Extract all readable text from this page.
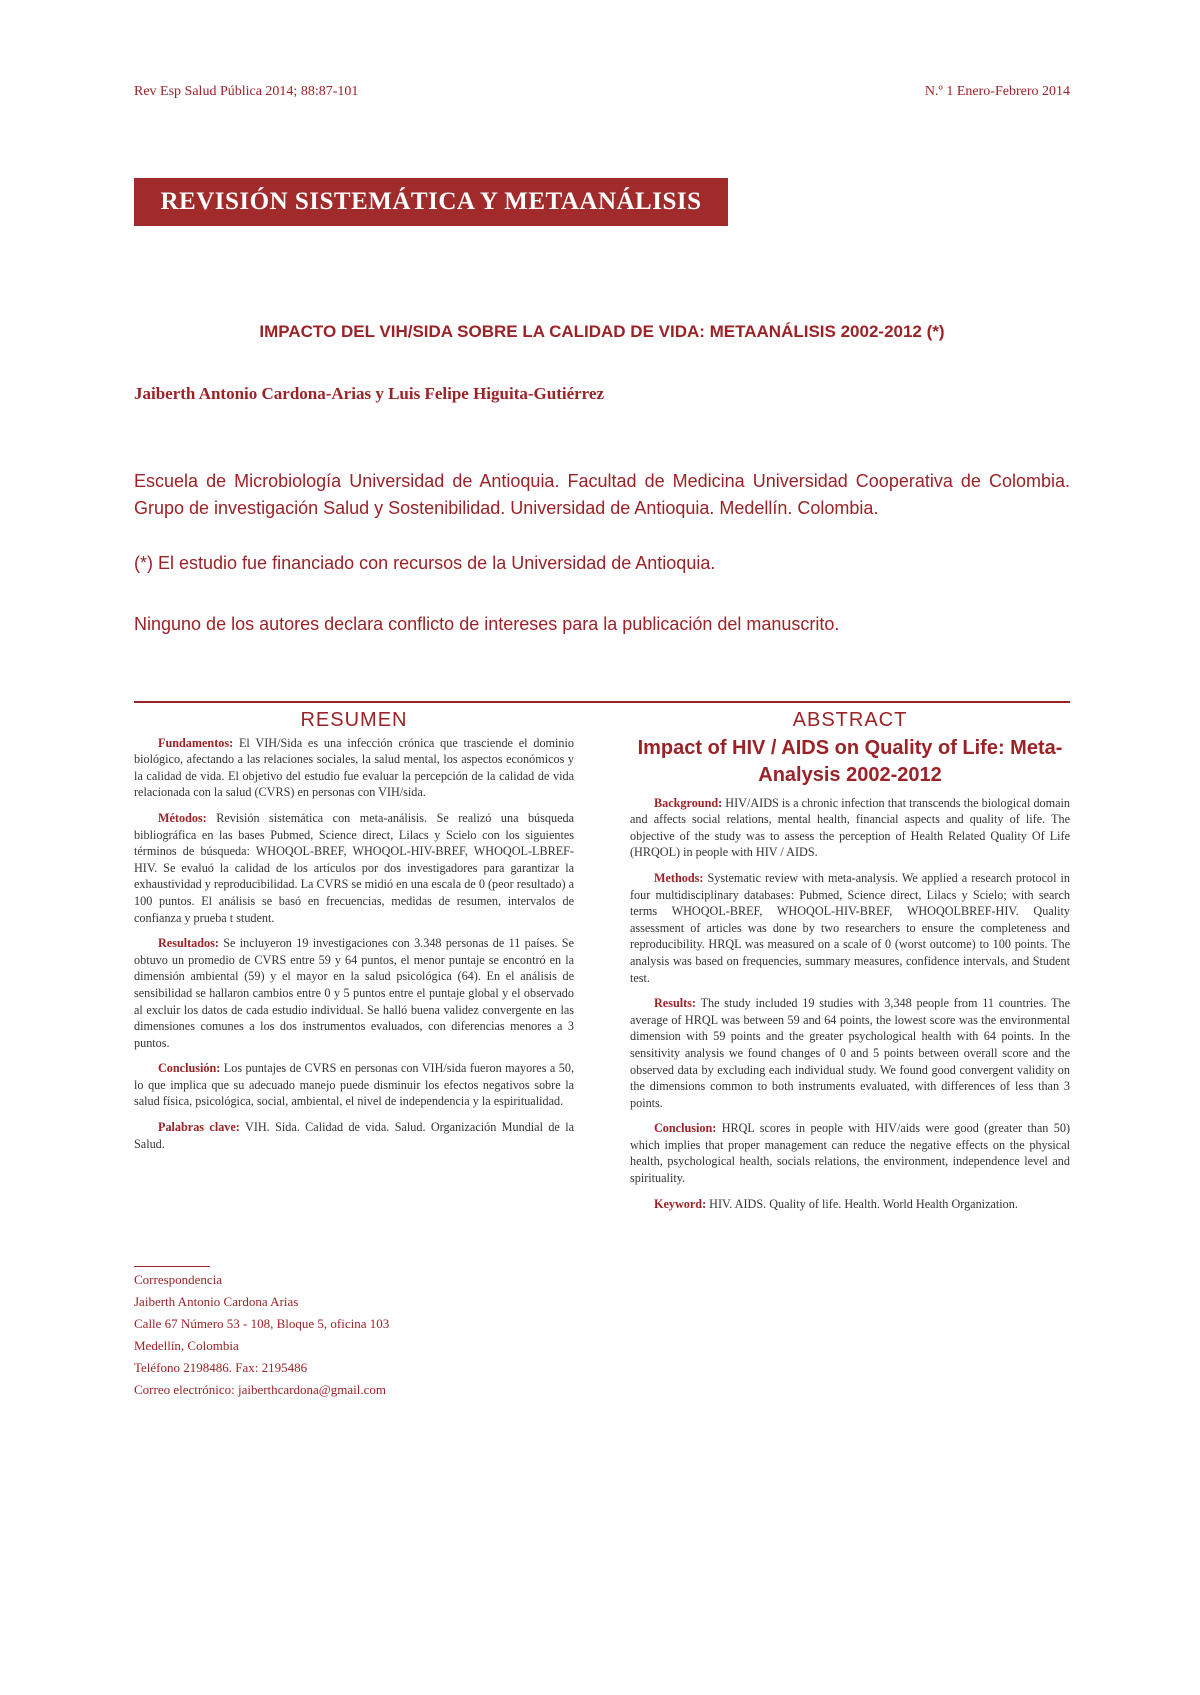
Rev Esp Salud Pública 2014; 88:87-101	N.º 1 Enero-Febrero 2014
REVISIÓN SISTEMÁTICA Y METAANÁLISIS
IMPACTO DEL VIH/SIDA SOBRE LA CALIDAD DE VIDA: METAANÁLISIS 2002-2012 (*)
Jaiberth Antonio Cardona-Arias y Luis Felipe Higuita-Gutiérrez
Escuela de Microbiología Universidad de Antioquia. Facultad de Medicina Universidad Cooperativa de Colombia. Grupo de investigación Salud y Sostenibilidad. Universidad de Antioquia. Medellín. Colombia.
(*) El estudio fue financiado con recursos de la Universidad de Antioquia.
Ninguno de los autores declara conflicto de intereses para la publicación del manuscrito.
RESUMEN

Fundamentos: El VIH/Sida es una infección crónica que trasciende el dominio biológico, afectando a las relaciones sociales, la salud mental, los aspectos económicos y la calidad de vida. El objetivo del estudio fue evaluar la percepción de la calidad de vida relacionada con la salud (CVRS) en personas con VIH/sida.

Métodos: Revisión sistemática con meta-análisis. Se realizó una búsqueda bibliográfica en las bases Pubmed, Science direct, Lilacs y Scielo con los siguientes términos de búsqueda: WHOQOL-BREF, WHOQOL-HIV-BREF, WHOQOL-LBREF-HIV. Se evaluó la calidad de los artículos por dos investigadores para garantizar la exhaustividad y reproducibilidad. La CVRS se midió en una escala de 0 (peor resultado) a 100 puntos. El análisis se basó en frecuencias, medidas de resumen, intervalos de confianza y prueba t student.

Resultados: Se incluyeron 19 investigaciones con 3.348 personas de 11 países. Se obtuvo un promedio de CVRS entre 59 y 64 puntos, el menor puntaje se encontró en la dimensión ambiental (59) y el mayor en la salud psicológica (64). En el análisis de sensibilidad se hallaron cambios entre 0 y 5 puntos entre el puntaje global y el observado al excluir los datos de cada estudio individual. Se halló buena validez convergente en las dimensiones comunes a los dos instrumentos evaluados, con diferencias menores a 3 puntos.

Conclusión: Los puntajes de CVRS en personas con VIH/sida fueron mayores a 50, lo que implica que su adecuado manejo puede disminuir los efectos negativos sobre la salud física, psicológica, social, ambiental, el nivel de independencia y la espiritualidad.

Palabras clave: VIH. Sida. Calidad de vida. Salud. Organización Mundial de la Salud.

ABSTRACT
Impact of HIV / AIDS on Quality of Life: Meta-Analysis 2002-2012

Background: HIV/AIDS is a chronic infection that transcends the biological domain and affects social relations, mental health, financial aspects and quality of life. The objective of the study was to assess the perception of Health Related Quality Of Life (HRQOL) in people with HIV / AIDS.

Methods: Systematic review with meta-analysis. We applied a research protocol in four multidisciplinary databases: Pubmed, Science direct, Lilacs y Scielo; with search terms WHOQOL-BREF, WHOQOL-HIV-BREF, WHOQOLBREF-HIV. Quality assessment of articles was done by two researchers to ensure the completeness and reproducibility. HRQL was measured on a scale of 0 (worst outcome) to 100 points. The analysis was based on frequencies, summary measures, confidence intervals, and Student test.

Results: The study included 19 studies with 3,348 people from 11 countries. The average of HRQL was between 59 and 64 points, the lowest score was the environmental dimension with 59 points and the greater psychological health with 64 points. In the sensitivity analysis we found changes of 0 and 5 points between overall score and the observed data by excluding each individual study. We found good convergent validity on the dimensions common to both instruments evaluated, with differences of less than 3 points.

Conclusion: HRQL scores in people with HIV/aids were good (greater than 50) which implies that proper management can reduce the negative effects on the physical health, psychological health, socials relations, the environment, independence level and spirituality.

Keyword: HIV. AIDS. Quality of life. Health. World Health Organization.

Correspondencia
Jaiberth Antonio Cardona Arias
Calle 67 Número 53 - 108, Bloque 5, oficina 103
Medellín, Colombia
Teléfono 2198486. Fax: 2195486
Correo electrónico: jaiberthcardona@gmail.com
